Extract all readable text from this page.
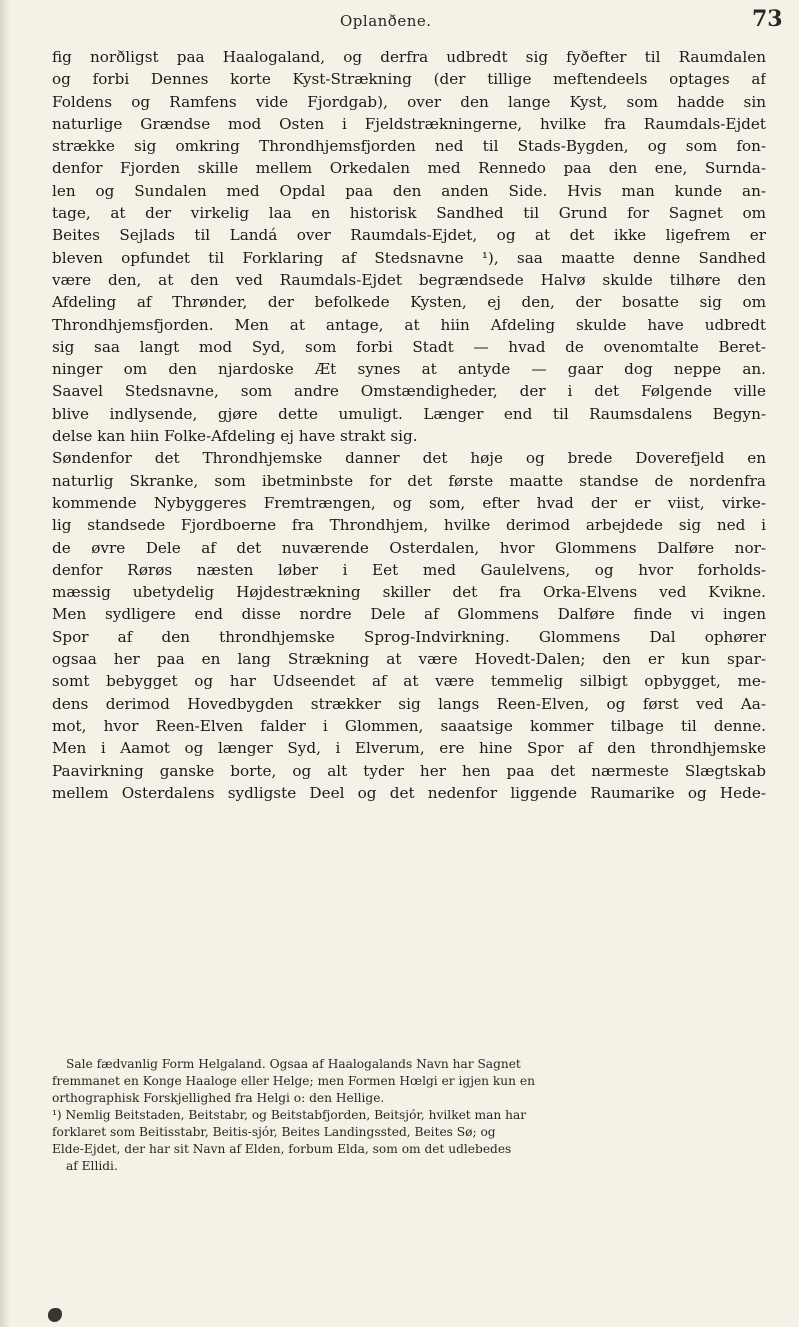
Oplanðene.	73
fig norðligst paa Haalogaland, og derfra udbredt sig fyðefter til Raumdalen
og forbi Dennes korte Kyst-Strækning (der tillige meftendeels optages af
Foldens og Ramfens vide Fjordgab), over den lange Kyst, som hadde sin
naturlige Grændse mod Osten i Fjeldstrækningerne, hvilke fra Raumdals-Ejdet
strække sig omkring Throndhjemsfjorden ned til Stads-Bygden, og som fon-
denfor Fjorden skille mellem Orkedalen med Rennedo paa den ene, Surnda-
len og Sundalen med Opdal paa den anden Side. Hvis man kunde an-
tage, at der virkelig laa en historisk Sandhed til Grund for Sagnet om
Beites Sejlads til Landá over Raumdals-Ejdet, og at det ikke ligefrem er
bleven opfundet til Forklaring af Stedsnavne ¹), saa maatte denne Sandhed
være den, at den ved Raumdals-Ejdet begrændsede Halvø skulde tilhøre den
Afdeling af Thrønder, der befolkede Kysten, ej den, der bosatte sig om
Throndhjemsfjorden. Men at antage, at hiin Afdeling skulde have udbredt
sig saa langt mod Syd, som forbi Stadt — hvad de ovenomtalte Beret-
ninger om den njardoske Æt synes at antyde — gaar dog neppe an.
Saavel Stedsnavne, som andre Omstændigheder, der i det Følgende ville
blive indlysende, gjøre dette umuligt. Længer end til Raumsdalens Begyn-
delse kan hiin Folke-Afdeling ej have strakt sig.
Søndenfor det Throndhjemske danner det høje og brede Doverefjeld en
naturlig Skranke, som ibetminbste for det første maatte standse de nordenfra
kommende Nybyggeres Fremtrængen, og som, efter hvad der er viist, virke-
lig standsede Fjordboerne fra Throndhjem, hvilke derimod arbejdede sig ned i
de øvre Dele af det nuværende Osterdalen, hvor Glommens Dalføre nor-
denfor Rørøs næsten løber i Eet med Gaulelvens, og hvor forholds-
mæssig ubetydelig Højdestrækning skiller det fra Orka-Elvens ved Kvikne.
Men sydligere end disse nordre Dele af Glommens Dalføre finde vi ingen
Spor af den throndhjemske Sprog-Indvirkning. Glommens Dal ophører
ogsaa her paa en lang Strækning at være Hovedt-Dalen; den er kun spar-
somt bebygget og har Udseendet af at være temmelig silbigt opbygget, me-
dens derimod Hovedbygden strækker sig langs Reen-Elven, og først ved Aa-
mot, hvor Reen-Elven falder i Glommen, saaatsige kommer tilbage til denne.
Men i Aamot og længer Syd, i Elverum, ere hine Spor af den throndhjemske
Paavirkning ganske borte, og alt tyder her hen paa det nærmeste Slægtskab
mellem Osterdalens sydligste Deel og det nedenfor liggende Raumarike og Hede-
Sale fædvanlig Form Helgaland. Ogsaa af Haalogalands Navn har Sagnet
fremmanet en Konge Haaloge eller Helge; men Formen Hœlgi er igjen kun en
orthographisk Forskjellighed fra Helgi o: den Hellige.
¹) Nemlig Beitstaden, Beitstabr, og Beitstabfjorden, Beitsjór, hvilket man har
forklaret som Beitisstabr, Beitis-sjór, Beites Landingssted, Beites Sø; og
Elde-Ejdet, der har sit Navn af Elden, forbum Elda, som om det udlebedes
af Ellidi.
